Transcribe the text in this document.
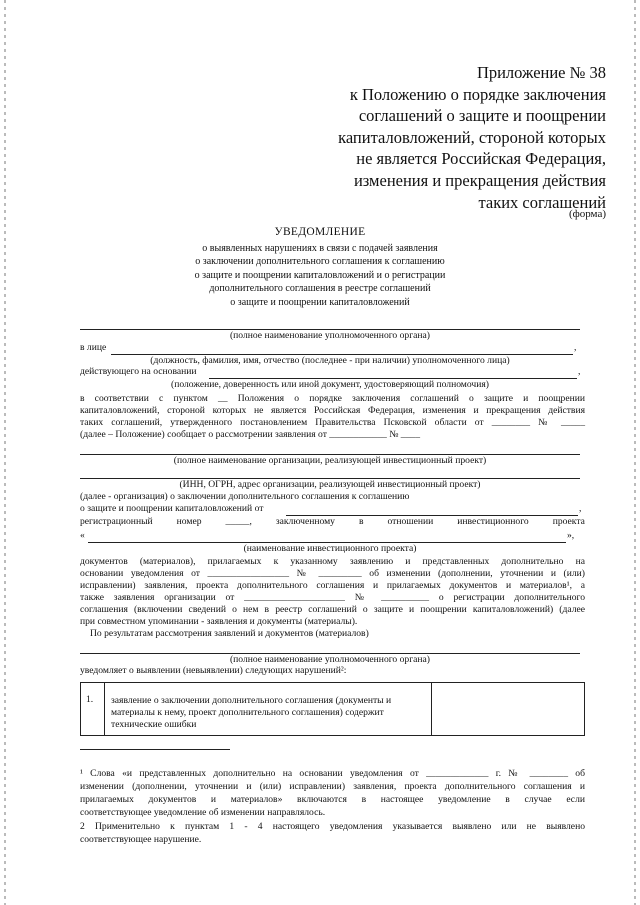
Приложение № 38
к Положению о порядке заключения
соглашений о защите и поощрении
капиталовложений, стороной которых
не является Российская Федерация,
изменения и прекращения действия
таких соглашений
(форма)
УВЕДОМЛЕНИЕ
о выявленных нарушениях в связи с подачей заявления
о заключении дополнительного соглашения к соглашению
о защите и поощрении капиталовложений и о регистрации
дополнительного соглашения в реестре соглашений
о защите и поощрении капиталовложений
(полное наименование уполномоченного органа)
в лице	,
(должность, фамилия, имя, отчество (последнее - при наличии) уполномоченного лица)
действующего на основании	,
(положение, доверенность или иной документ, удостоверяющий полномочия)
в соответствии с пунктом __ Положения о порядке заключения соглашений о защите и поощрении
капиталовложений, стороной которых не является Российская Федерация, изменения и прекращения действия
таких соглашений, утвержденного постановлением Правительства Псковской области от ________ № _____
(далее – Положение) сообщает о рассмотрении заявления от ____________ № ____
(полное наименование организации, реализующей инвестиционный проект)
(ИНН, ОГРН, адрес организации, реализующей инвестиционный проект)
(далее - организация) о заключении дополнительного соглашения к соглашению
о защите и поощрении капиталовложений от	,
регистрационный номер _____, заключенному в отношении инвестиционного проекта
«	»,
(наименование инвестиционного проекта)
документов (материалов), прилагаемых к указанному заявлению и представленных дополнительно на
основании уведомления от _________________ № _________ об изменении (дополнении, уточнении и (или)
исправлении) заявления, проекта дополнительного соглашения и прилагаемых документов и материалов¹, а
также заявления организации от _____________________ № __________ о регистрации дополнительного
соглашения (включении сведений о нем в реестр соглашений о защите и поощрении капиталовложений) (далее
при совместном упоминании - заявления и документы (материалы).
По результатам рассмотрения заявлений и документов (материалов)
(полное наименование уполномоченного органа)
уведомляет о выявлении (невыявлении) следующих нарушений²:
1. заявление о заключении дополнительного соглашения (документы и
материалы к нему, проект дополнительного соглашения) содержит
технические ошибки
¹ Слова «и представленных дополнительно на основании уведомления от _____________ г. № ________ об
изменении (дополнении, уточнении и (или) исправлении) заявления, проекта дополнительного соглашения и
прилагаемых документов и материалов» включаются в настоящее уведомление в случае если
соответствующее уведомление об изменении направлялось.
2 Применительно к пунктам 1 - 4 настоящего уведомления указывается выявлено или не выявлено
соответствующее нарушение.
